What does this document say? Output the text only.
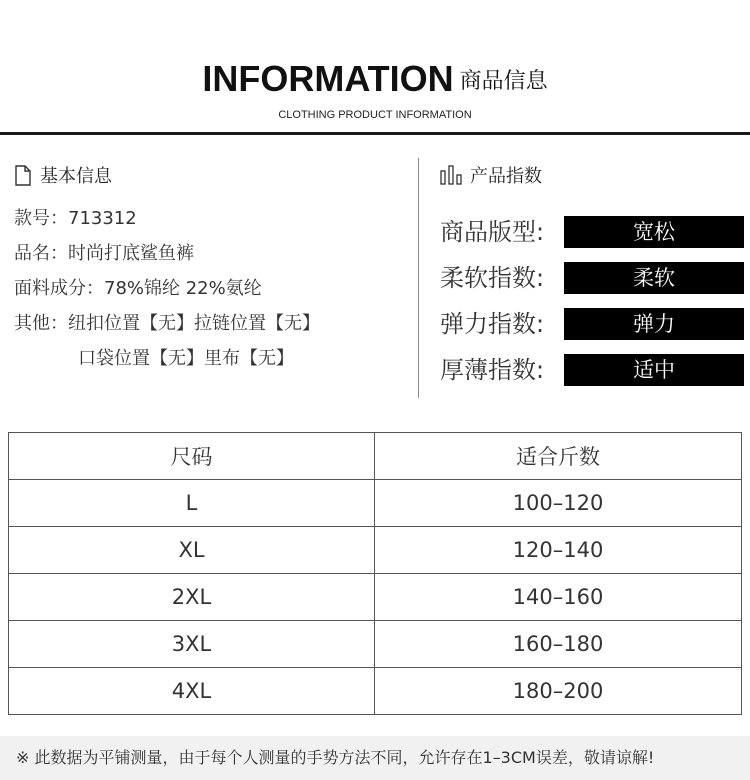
INFORMATION 商品信息
CLOTHING PRODUCT INFORMATION
基本信息
款号：713312
品名：时尚打底鲨鱼裤
面料成分：78%锦纶 22%氨纶
其他：纽扣位置【无】拉链位置【无】
口袋位置【无】里布【无】
产品指数
商品版型:	宽松
柔软指数:	柔软
弹力指数:	弹力
厚薄指数:	适中
尺码	适合斤数
L	100–120
XL	120–140
2XL	140–160
3XL	160–180
4XL	180–200
※ 此数据为平铺测量，由于每个人测量的手势方法不同，允许存在1–3CM误差，敬请谅解!
